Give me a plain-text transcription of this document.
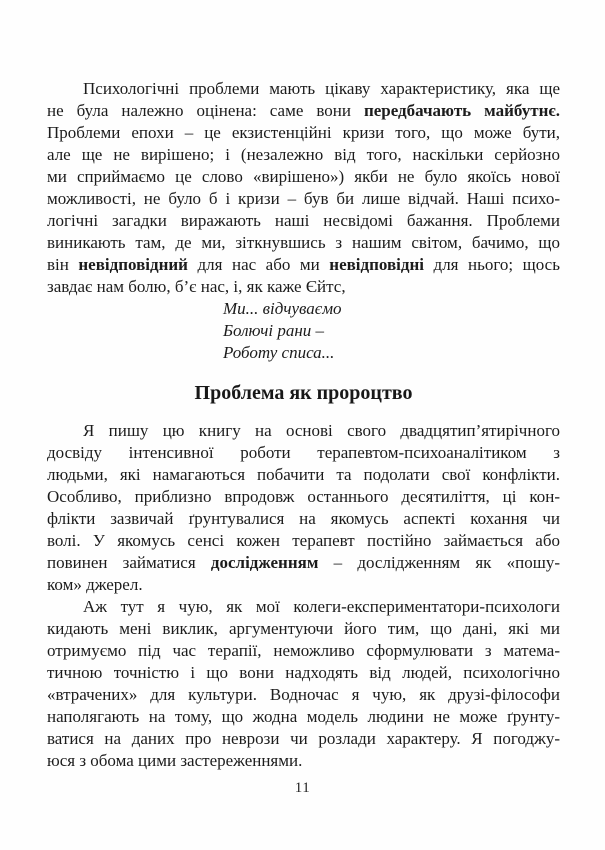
Психологічні проблеми мають цікаву характеристику, яка ще
не була належно оцінена: саме вони передбачають майбутнє.
Проблеми епохи – це екзистенційні кризи того, що може бути,
але ще не вирішено; і (незалежно від того, наскільки серйозно
ми сприймаємо це слово «вирішено») якби не було якоїсь нової
можливості, не було б і кризи – був би лише відчай. Наші психо-
логічні загадки виражають наші несвідомі бажання. Проблеми
виникають там, де ми, зіткнувшись з нашим світом, бачимо, що
він невідповідний для нас або ми невідповідні для нього; щось
завдає нам болю, б’є нас, і, як каже Єйтс,
Ми... відчуваємо
Болючі рани –
Роботу списа...
Проблема як пророцтво
Я пишу цю книгу на основі свого двадцятип’ятирічного
досвіду інтенсивної роботи терапевтом-психоаналітиком з
людьми, які намагаються побачити та подолати свої конфлікти.
Особливо, приблизно впродовж останнього десятиліття, ці кон-
флікти зазвичай ґрунтувалися на якомусь аспекті кохання чи
волі. У якомусь сенсі кожен терапевт постійно займається або
повинен займатися дослідженням – дослідженням як «пошу-
ком» джерел.
Аж тут я чую, як мої колеги-експериментатори-психологи
кидають мені виклик, аргументуючи його тим, що дані, які ми
отримуємо під час терапії, неможливо сформулювати з матема-
тичною точністю і що вони надходять від людей, психологічно
«втрачених» для культури. Водночас я чую, як друзі-філософи
наполягають на тому, що жодна модель людини не може ґрунту-
ватися на даних про неврози чи розлади характеру. Я погоджу-
юся з обома цими застереженнями.
11
